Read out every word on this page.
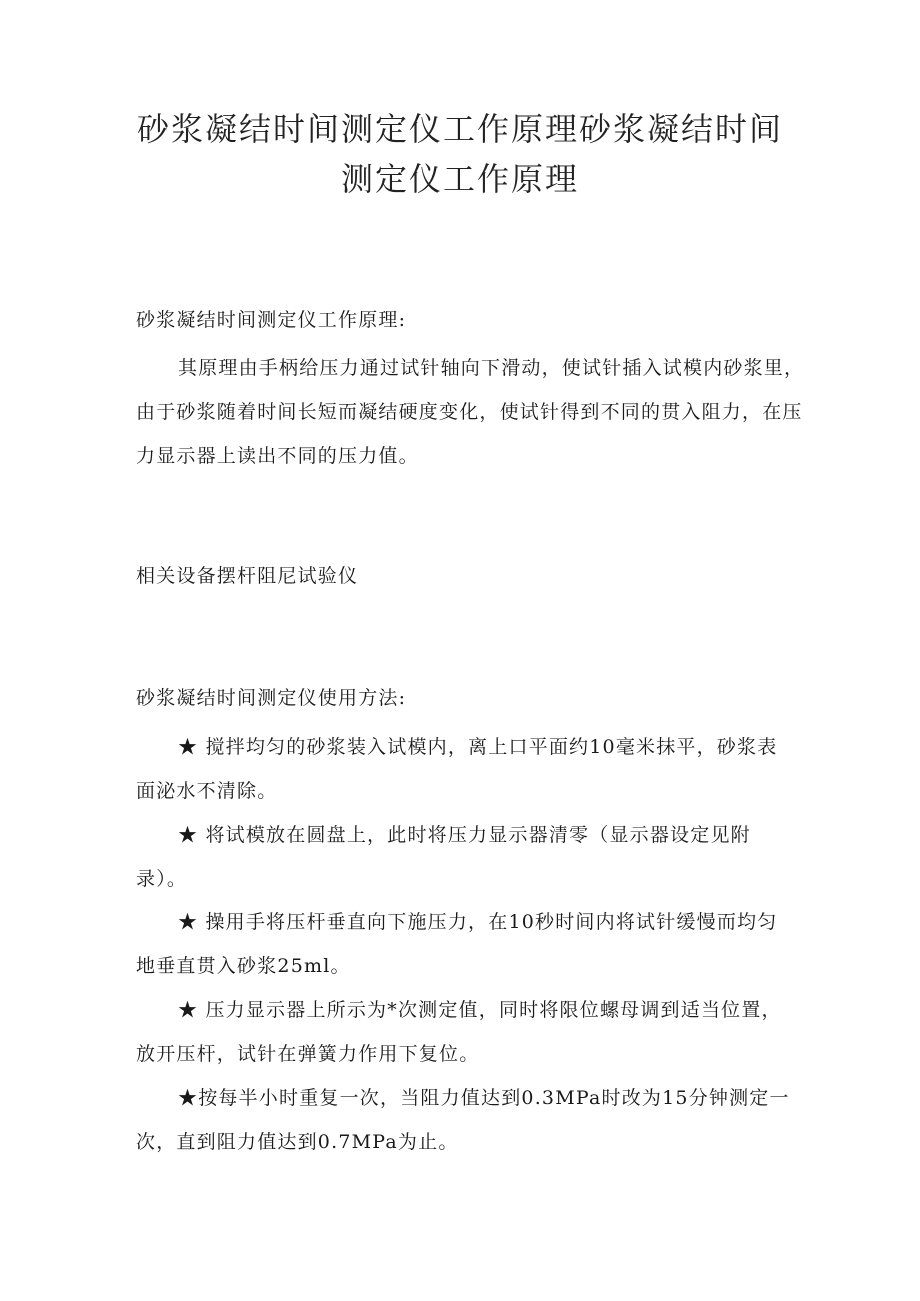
砂浆凝结时间测定仪工作原理砂浆凝结时间
测定仪工作原理

砂浆凝结时间测定仪工作原理:

其原理由手柄给压力通过试针轴向下滑动，使试针插入试模内砂浆里，
由于砂浆随着时间长短而凝结硬度变化，使试针得到不同的贯入阻力，在压
力显示器上读出不同的压力值。

相关设备摆杆阻尼试验仪

砂浆凝结时间测定仪使用方法:

★ 搅拌均匀的砂浆装入试模内，离上口平面约10毫米抹平，砂浆表
面泌水不清除。
★ 将试模放在圆盘上，此时将压力显示器清零（显示器设定见附
录）。
★ 操用手将压杆垂直向下施压力，在10秒时间内将试针缓慢而均匀
地垂直贯入砂浆25ml。
★ 压力显示器上所示为*次测定值，同时将限位螺母调到适当位置，
放开压杆，试针在弹簧力作用下复位。
★按每半小时重复一次，当阻力值达到0.3MPa时改为15分钟测定一
次，直到阻力值达到0.7MPa为止。
